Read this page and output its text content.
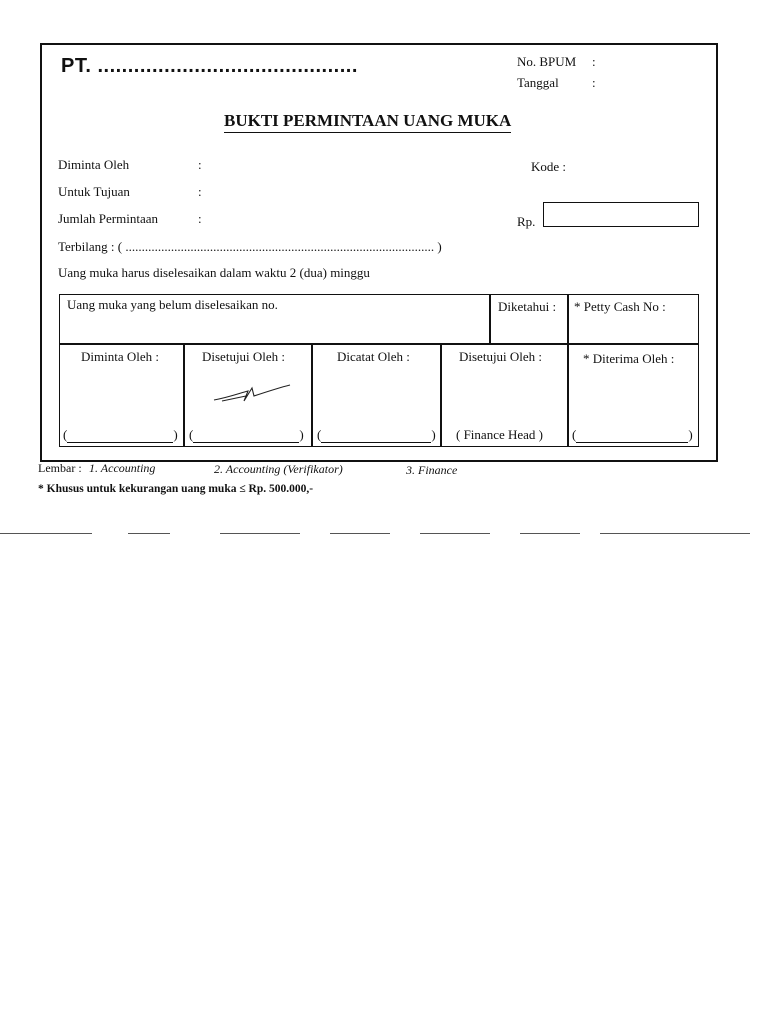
PT. ...........................................	No. BPUM :
Tanggal	:
BUKTI PERMINTAAN UANG MUKA
Diminta Oleh	:	Kode :
Untuk Tujuan	:
Jumlah Permintaan	:	Rp.
Terbilang : ( ............................................................................................... )
Uang muka harus diselesaikan dalam waktu 2 (dua) minggu
Uang muka yang belum diselesaikan no.	Diketahui : * Petty Cash No :
Diminta Oleh :	Disetujui Oleh :	Dicatat Oleh :	Disetujui Oleh :	* Diterima Oleh :
(	) (	) (	) ( Finance Head ) (	)
Lembar : 1. Accounting	2. Accounting (Verifikator)	3. Finance
* Khusus untuk kekurangan uang muka ≤ Rp. 500.000,-
